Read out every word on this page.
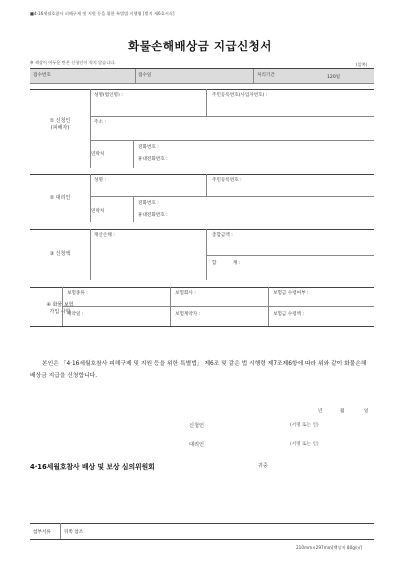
■4·16세월호참사 피해구제 및 지원 등을 위한 특별법 시행령 [별지 제6호서식]
화물손해배상금 지급신청서
※ 색상이 어두운 란은 신청인이 적지 않습니다.	(앞쪽)
접수번호	접수일	처리기간	120일
① 신청인
(피해자)
성명(법인명) :	주민등록번호(사업자번호) :
주소 :
연락처
전화번호 :
휴대전화번호 :
② 대리인
성명 :	주민등록번호 :
연락처
전화번호 :
휴대전화번호 :
③ 신청액
재산손해 :	총합금액 :
합	계 :
④ 화물 보험
가입 사항
보험종류 :	보험회사 :	보험금 수령여부 :
계약일 :	보험계약자 :	보험금 수령액 :
본인은 「4·16세월호참사 피해구제 및 지원 등을 위한 특별법」 제6조 및 같은 법 시행령 제7조제6항에 따라 위와 같이 화물손해배상금 지급을 신청합니다.
년	월	일
신청인	(서명 또는 인)
대리인	(서명 또는 인)
4·16세월호참사 배상 및 보상 심의위원회	귀중
첨부서류	뒤쪽 참조
210mm×297mm[백상지 80g/㎡]
